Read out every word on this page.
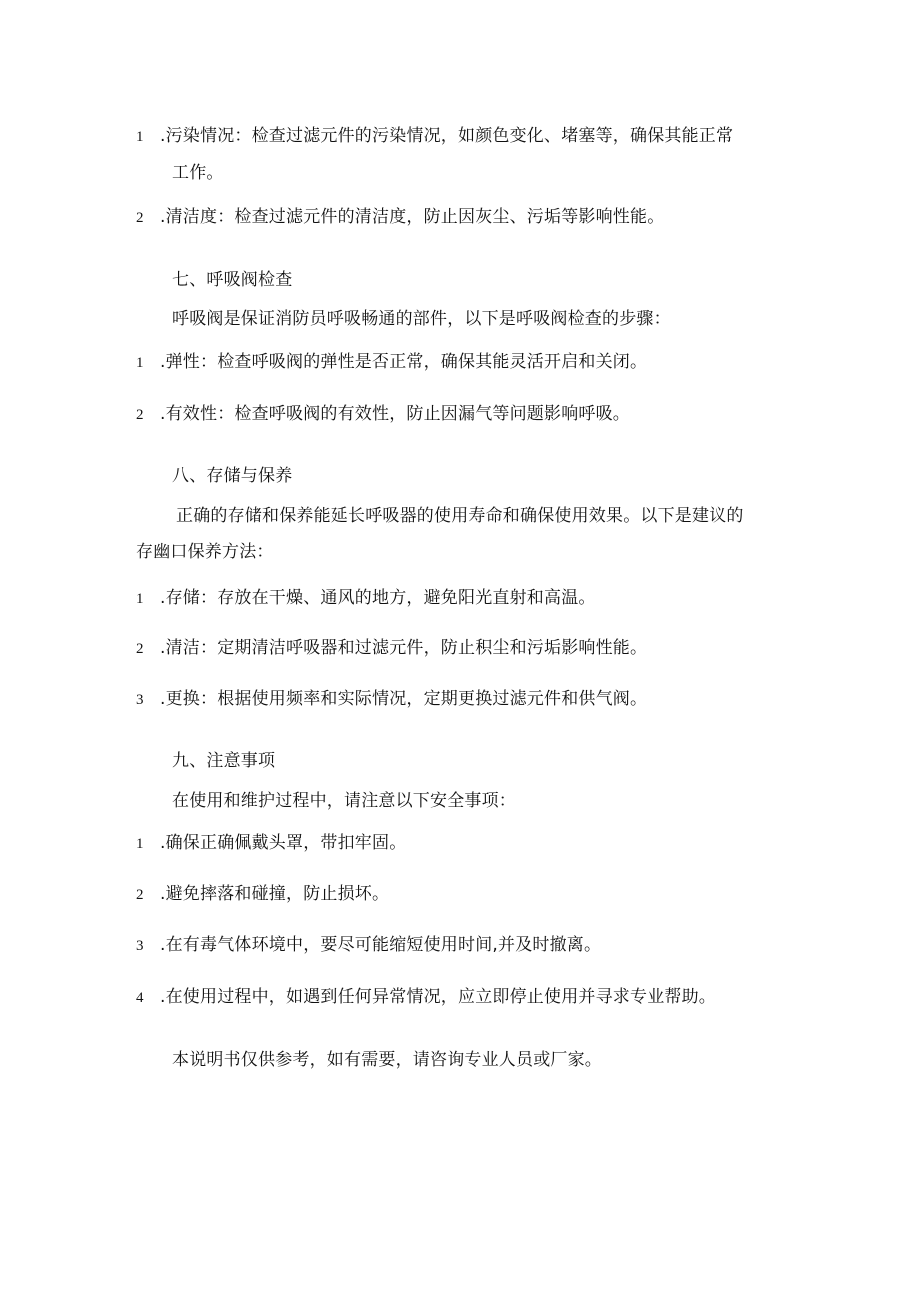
1 .污染情况：检查过滤元件的污染情况，如颜色变化、堵塞等，确保其能正常
工作。
2 .清洁度：检查过滤元件的清洁度，防止因灰尘、污垢等影响性能。
七、呼吸阀检查
呼吸阀是保证消防员呼吸畅通的部件，以下是呼吸阀检查的步骤：
1 .弹性：检查呼吸阀的弹性是否正常，确保其能灵活开启和关闭。
2 .有效性：检查呼吸阀的有效性，防止因漏气等问题影响呼吸。
八、存储与保养
正确的存储和保养能延长呼吸器的使用寿命和确保使用效果。以下是建议的
存幽口保养方法：
1 .存储：存放在干燥、通风的地方，避免阳光直射和高温。
2 .清洁：定期清洁呼吸器和过滤元件，防止积尘和污垢影响性能。
3 .更换：根据使用频率和实际情况，定期更换过滤元件和供气阀。
九、注意事项
在使用和维护过程中，请注意以下安全事项：
1 .确保正确佩戴头罩，带扣牢固。
2 .避免摔落和碰撞，防止损坏。
3 .在有毒气体环境中，要尽可能缩短使用时间,并及时撤离。
4 .在使用过程中，如遇到任何异常情况，应立即停止使用并寻求专业帮助。
本说明书仅供参考，如有需要，请咨询专业人员或厂家。
